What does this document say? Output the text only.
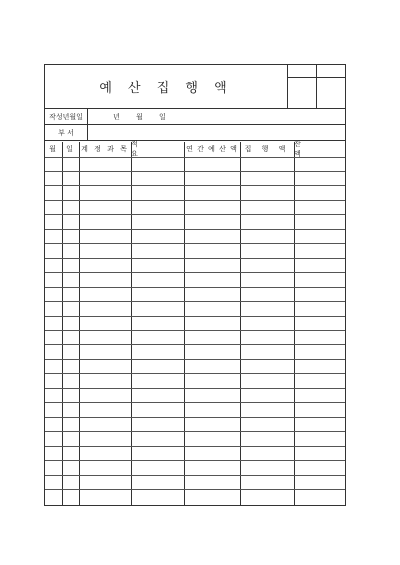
예 산 집 행 액
작성년월일	년 월 일
부 서
월	일 계 정 과 목
적 요
연 간 예 산 액 집 행 액
잔 액
